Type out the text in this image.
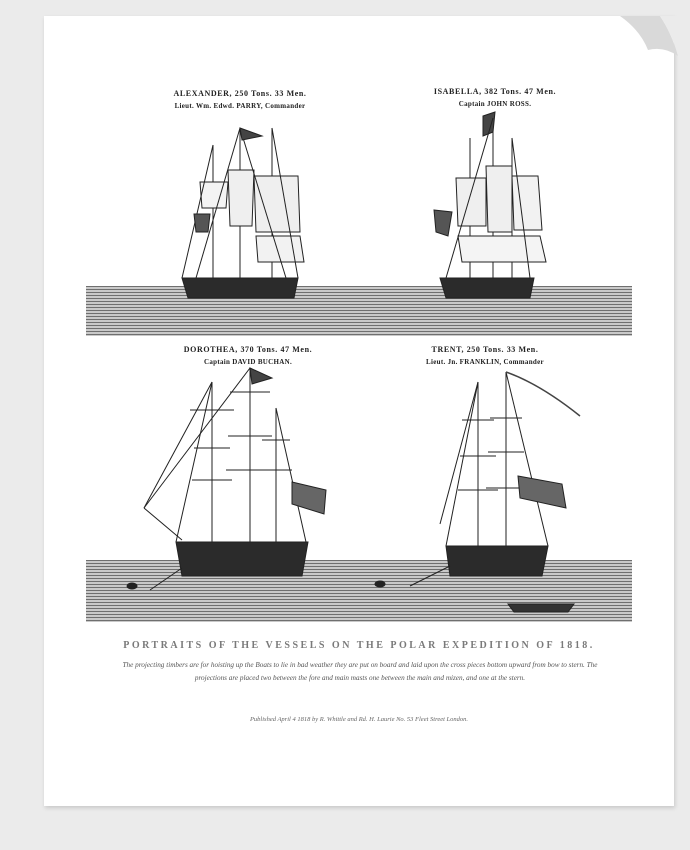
ALEXANDER, 250 Tons. 33 Men.
Lieut. Wm. Edwd. PARRY, Commander
ISABELLA, 382 Tons. 47 Men.
Captain JOHN ROSS.
DOROTHEA, 370 Tons. 47 Men.
Captain DAVID BUCHAN.
TRENT, 250 Tons. 33 Men.
Lieut. Jn. FRANKLIN, Commander
PORTRAITS OF THE VESSELS ON THE POLAR EXPEDITION OF 1818.
The projecting timbers are for hoisting up the Boats to lie in bad weather they are put on board and laid upon the cross pieces bottom upward from bow to stern. The projections are placed two between the fore and main masts one between the main and mizen, and one at the stern.
Published April 4 1818 by R. Whittle and Rd. H. Laurie No. 53 Fleet Street London.
